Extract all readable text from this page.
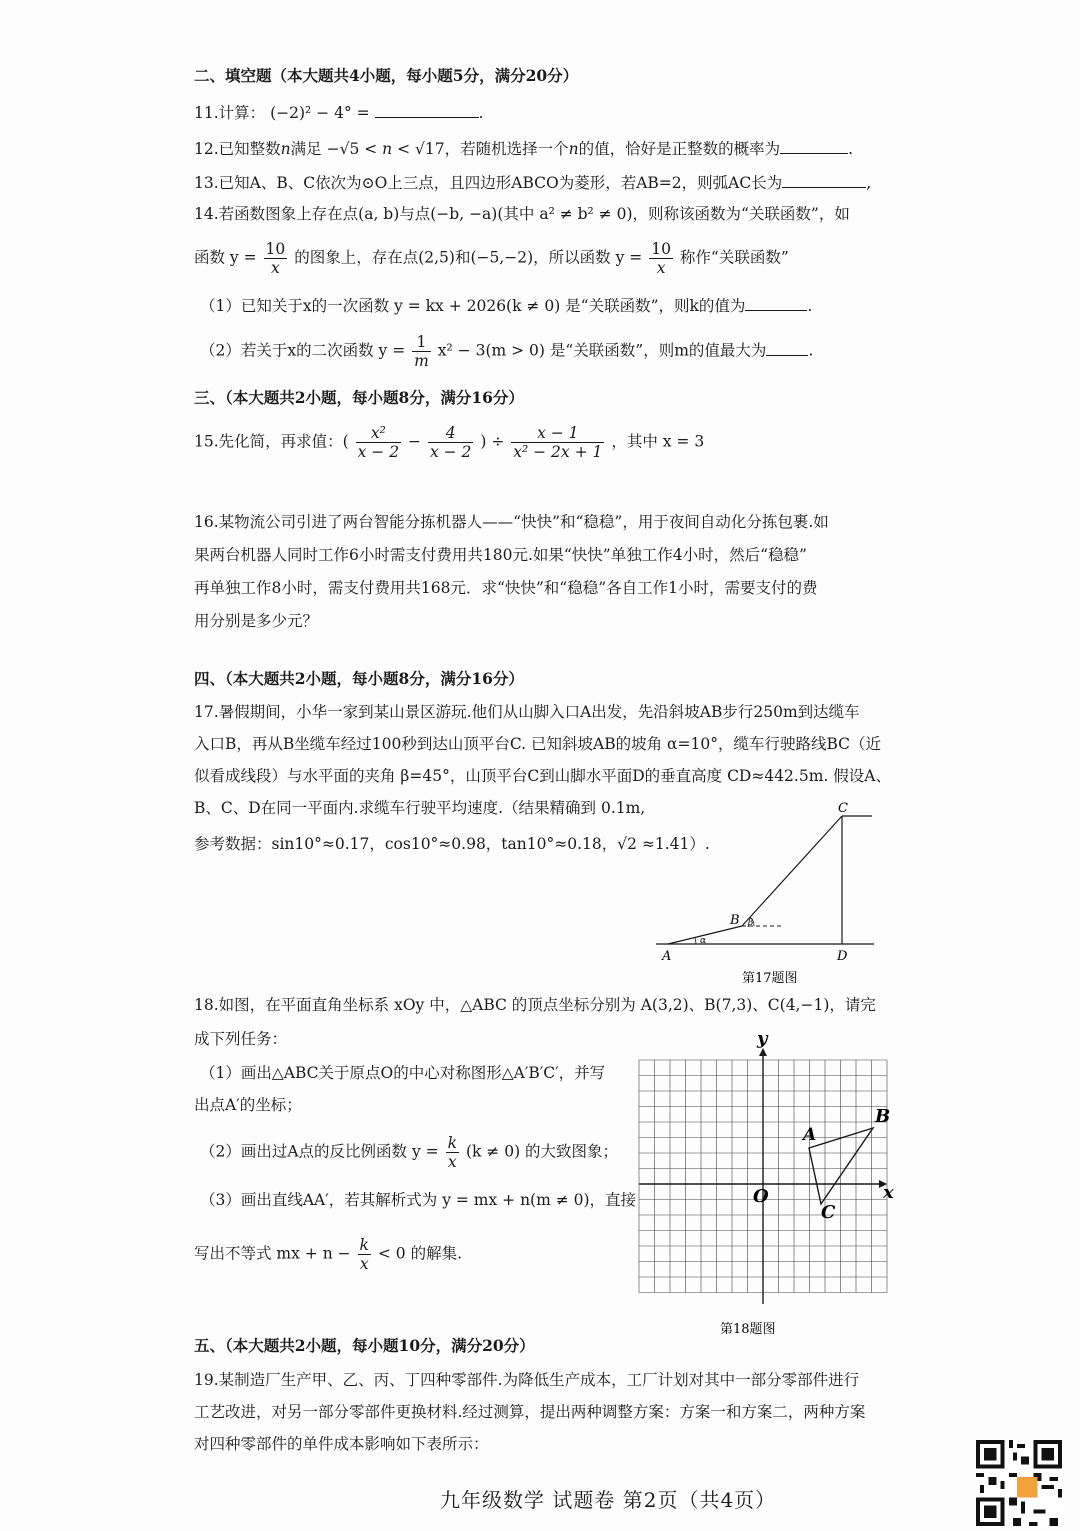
二、填空题（本大题共4小题，每小题5分，满分20分）
11.计算： (−2)² − 4° =	.
12.已知整数n满足 −√5 < n < √17，若随机选择一个n的值，恰好是正整数的概率为	.
13.已知A、B、C依次为⊙O上三点，且四边形ABCO为菱形，若AB=2，则弧AC长为	,
14.若函数图象上存在点(a, b)与点(−b, −a)(其中 a² ≠ b² ≠ 0)，则称该函数为“关联函数”，如
函数 $y = \frac{10}{x}$ 的图象上，存在点(2,5)和(−5,−2)，所以函数 $y = \frac{10}{x}$ 称作“关联函数”
（1）已知关于x的一次函数 y = kx + 2026(k ≠ 0) 是“关联函数”，则k的值为	.
（2）若关于x的二次函数 $y = \frac{1}{m} x^2 - 3(m > 0)$ 是“关联函数”，则m的值最大为	.
三、（本大题共2小题，每小题8分，满分16分）
15.先化简，再求值：( $\frac{\text{x²}}{x - 2} - \frac{4}{x - 2}$ ) ÷ $\frac{x - 1}{\text{x² − 2x + 1}}$ ，其中 x = 3
16.某物流公司引进了两台智能分拣机器人——“快快”和“稳稳”，用于夜间自动化分拣包裹.如
果两台机器人同时工作6小时需支付费用共180元.如果“快快”单独工作4小时，然后“稳稳”
再单独工作8小时，需支付费用共168元．求“快快”和“稳稳”各自工作1小时，需要支付的费
用分别是多少元？
四、（本大题共2小题，每小题8分，满分16分）
17.暑假期间，小华一家到某山景区游玩.他们从山脚入口A出发，先沿斜坡AB步行250m到达缆车
入口B，再从B坐缆车经过100秒到达山顶平台C. 已知斜坡AB的坡角 α=10°，缆车行驶路线BC（近
似看成线段）与水平面的夹角 β=45°，山顶平台C到山脚水平面D的垂直高度 CD≈442.5m. 假设A、
B、C、D在同一平面内.求缆车行驶平均速度.（结果精确到 0.1m,
参考数据：sin10°≈0.17，cos10°≈0.98，tan10°≈0.18，√2 ≈1.41）.
A
B
C
D
α
β
第17题图
18.如图，在平面直角坐标系 xOy 中，△ABC 的顶点坐标分别为 A(3,2)、B(7,3)、C(4,−1)，请完
成下列任务：
（1）画出△ABC关于原点O的中心对称图形△A′B′C′，并写
出点A′的坐标；
（2）画出过A点的反比例函数 $y = \frac{k}{x} (k \ne 0)$ 的大致图象；
（3）画出直线AA′，若其解析式为 y = mx + n(m ≠ 0)，直接
写出不等式 mx + $n - \frac{k}{x} < 0$ 的解集.
x
y
O
A
B
C
第18题图
五、（本大题共2小题，每小题10分，满分20分）
19.某制造厂生产甲、乙、丙、丁四种零部件.为降低生产成本，工厂计划对其中一部分零部件进行
工艺改进，对另一部分零部件更换材料.经过测算，提出两种调整方案：方案一和方案二，两种方案
对四种零部件的单件成本影响如下表所示：
九年级数学 试题卷 第2页（共4页）
